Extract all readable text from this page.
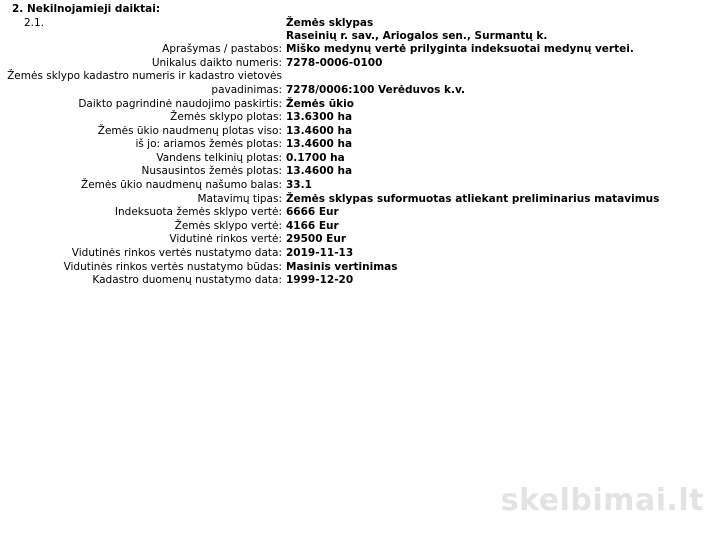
2. Nekilnojamieji daiktai:
2.1.	Žemės sklypas
Raseinių r. sav., Ariogalos sen., Surmantų k.
Aprašymas / pastabos: Miško medynų vertė prilyginta indeksuotai medynų vertei.
Unikalus daikto numeris: 7278-0006-0100
Žemės sklypo kadastro numeris ir kadastro vietovės
pavadinimas: 7278/0006:100 Verėduvos k.v.
Daikto pagrindinė naudojimo paskirtis: Žemės ūkio
Žemės sklypo plotas: 13.6300 ha
Žemės ūkio naudmenų plotas viso: 13.4600 ha
iš jo: ariamos žemės plotas: 13.4600 ha
Vandens telkinių plotas: 0.1700 ha
Nusausintos žemės plotas: 13.4600 ha
Žemės ūkio naudmenų našumo balas: 33.1
Matavimų tipas: Žemės sklypas suformuotas atliekant preliminarius matavimus
Indeksuota žemės sklypo vertė: 6666 Eur
Žemės sklypo vertė: 4166 Eur
Vidutinė rinkos vertė: 29500 Eur
Vidutinės rinkos vertės nustatymo data: 2019-11-13
Vidutinės rinkos vertės nustatymo būdas: Masinis vertinimas
Kadastro duomenų nustatymo data: 1999-12-20
skelbimai.lt
